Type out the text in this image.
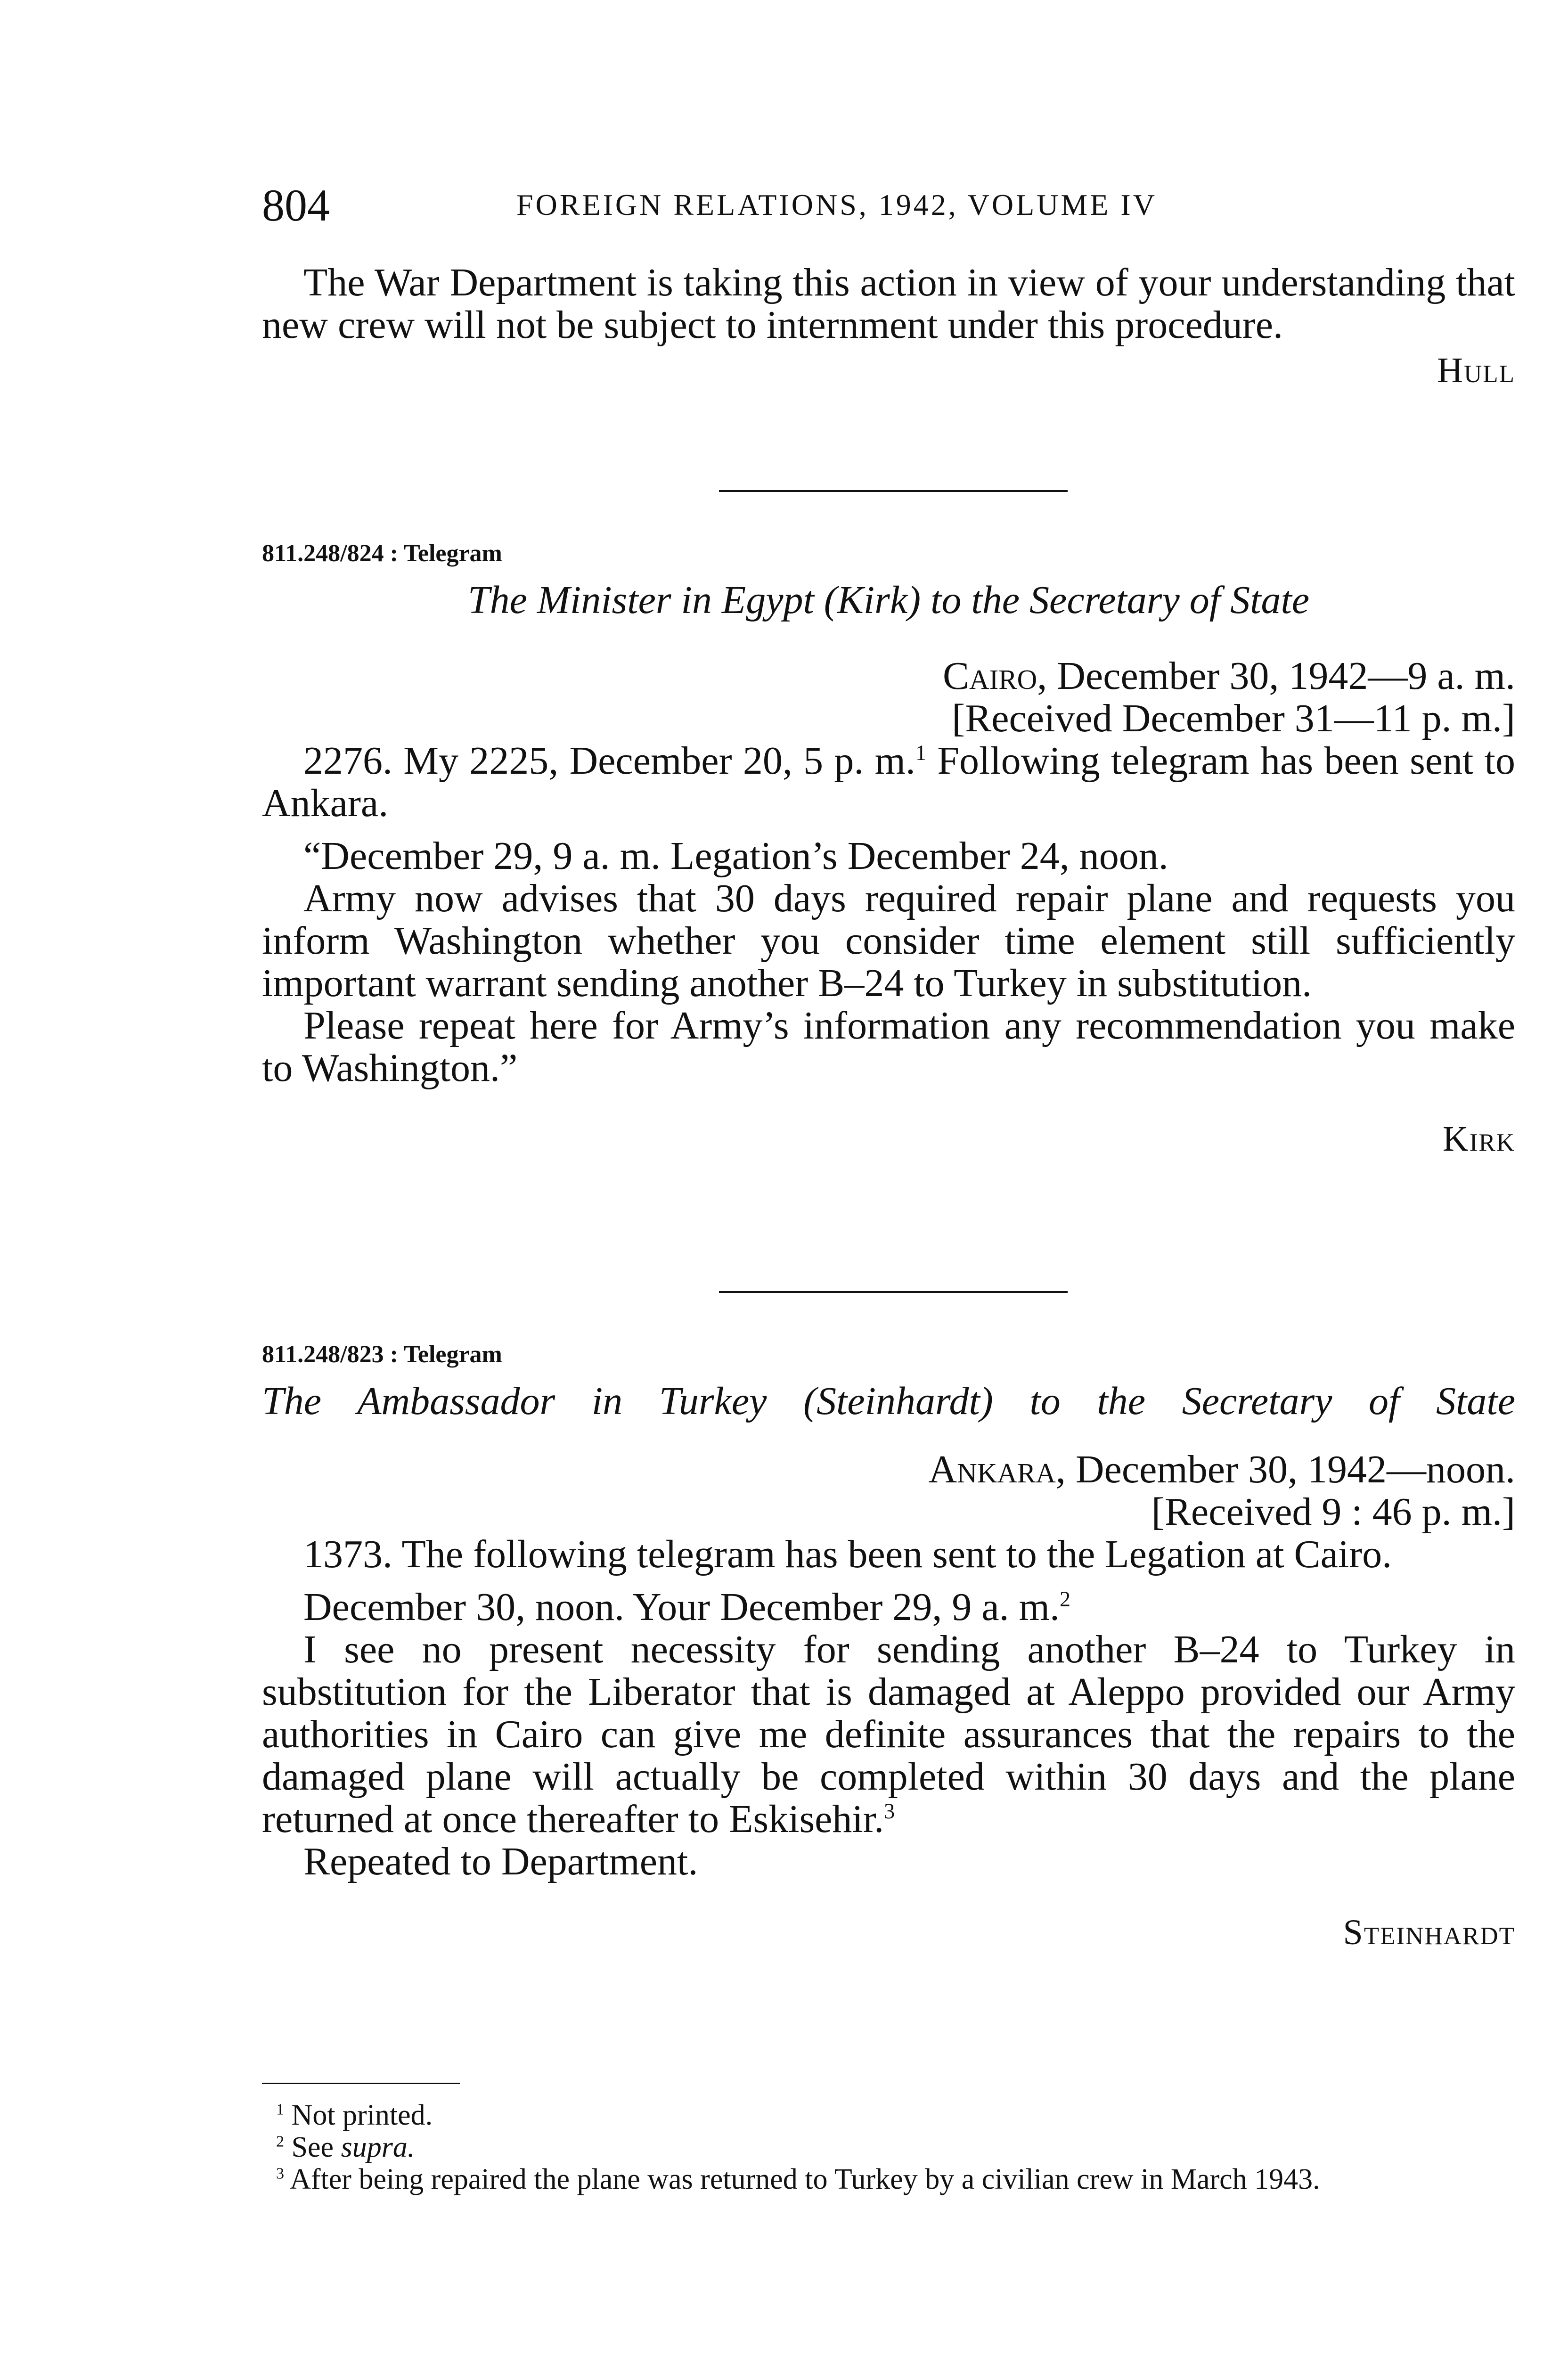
804	FOREIGN RELATIONS, 1942, VOLUME IV

The War Department is taking this action in view of your understanding that new crew will not be subject to internment under this procedure.

Hull

811.248/824 : Telegram

The Minister in Egypt (Kirk) to the Secretary of State

Cairo, December 30, 1942—9 a. m.

[Received December 31—11 p. m.]

2276. My 2225, December 20, 5 p. m.$^1$ Following telegram has been sent to Ankara.

“December 29, 9 a. m. Legation’s December 24, noon.

Army now advises that 30 days required repair plane and requests you inform Washington whether you consider time element still sufficiently important warrant sending another B–24 to Turkey in substitution.

Please repeat here for Army’s information any recommendation you make to Washington.”

Kirk

811.248/823 : Telegram

The Ambassador in Turkey (Steinhardt) to the Secretary of State

Ankara, December 30, 1942—noon.

[Received 9 : 46 p. m.]

1373. The following telegram has been sent to the Legation at Cairo.

December 30, noon. Your December 29, 9 a. m.$^2$

I see no present necessity for sending another B–24 to Turkey in substitution for the Liberator that is damaged at Aleppo provided our Army authorities in Cairo can give me definite assurances that the repairs to the damaged plane will actually be completed within 30 days and the plane returned at once thereafter to Eskisehir.$^3$

Repeated to Department.

Steinhardt

$^1$ Not printed.

$^2$ See supra.

$^3$ After being repaired the plane was returned to Turkey by a civilian crew in March 1943.
